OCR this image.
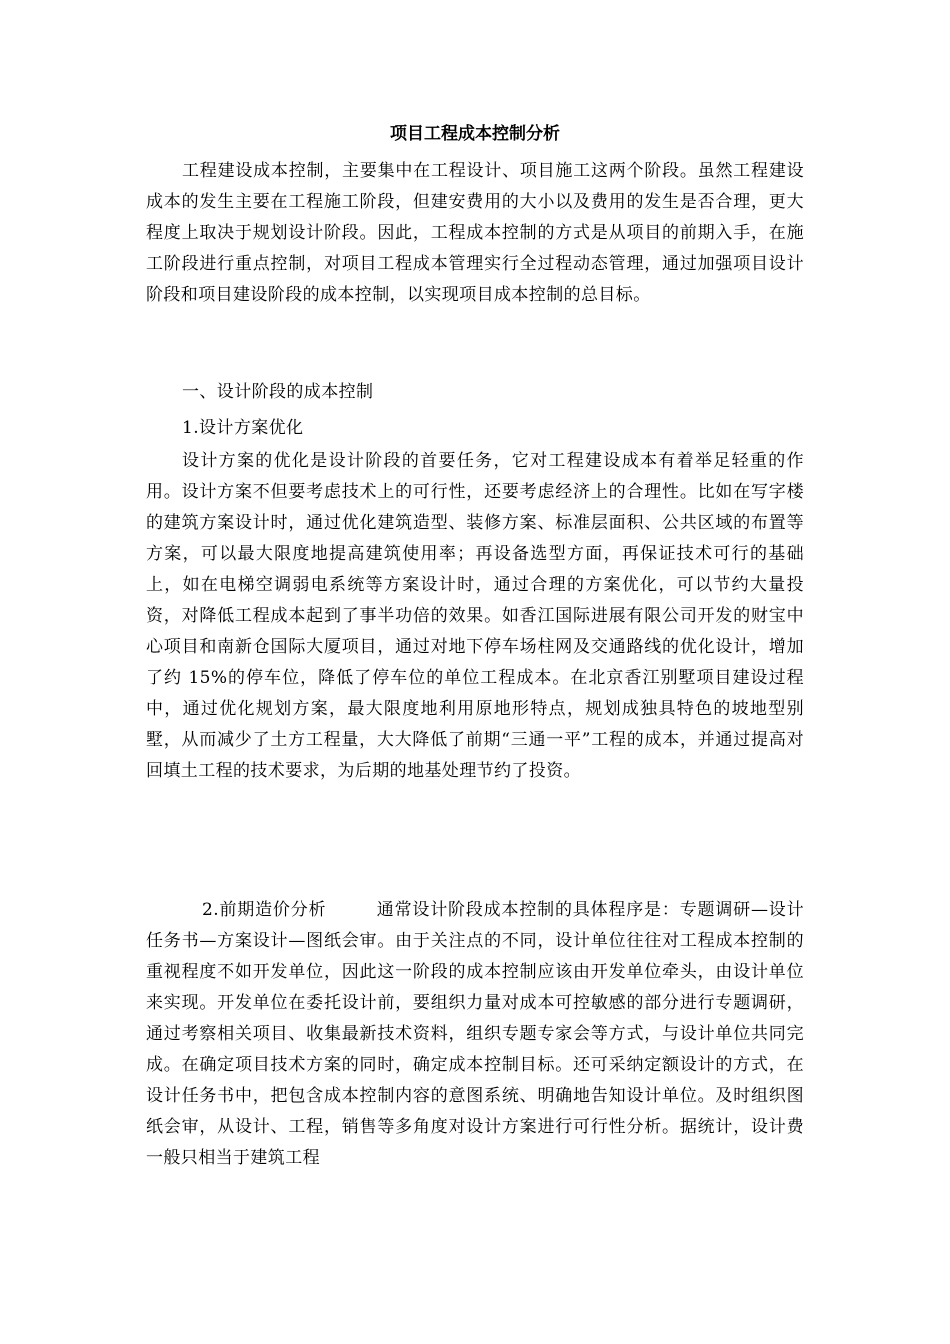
项目工程成本控制分析

工程建设成本控制，主要集中在工程设计、项目施工这两个阶段。虽然工程建设成本的发生主要在工程施工阶段，但建安费用的大小以及费用的发生是否合理，更大程度上取决于规划设计阶段。因此，工程成本控制的方式是从项目的前期入手，在施工阶段进行重点控制，对项目工程成本管理实行全过程动态管理，通过加强项目设计阶段和项目建设阶段的成本控制，以实现项目成本控制的总目标。

一、设计阶段的成本控制

1.设计方案优化

设计方案的优化是设计阶段的首要任务，它对工程建设成本有着举足轻重的作用。设计方案不但要考虑技术上的可行性，还要考虑经济上的合理性。比如在写字楼的建筑方案设计时，通过优化建筑造型、装修方案、标准层面积、公共区域的布置等方案，可以最大限度地提高建筑使用率；再设备选型方面，再保证技术可行的基础上，如在电梯空调弱电系统等方案设计时，通过合理的方案优化，可以节约大量投资，对降低工程成本起到了事半功倍的效果。如香江国际进展有限公司开发的财宝中心项目和南新仓国际大厦项目，通过对地下停车场柱网及交通路线的优化设计，增加了约 15%的停车位，降低了停车位的单位工程成本。在北京香江别墅项目建设过程中，通过优化规划方案，最大限度地利用原地形特点，规划成独具特色的坡地型别墅，从而减少了土方工程量，大大降低了前期“三通一平”工程的成本，并通过提高对回填土工程的技术要求，为后期的地基处理节约了投资。

2.前期造价分析	通常设计阶段成本控制的具体程序是：专题调研—设计任务书—方案设计—图纸会审。由于关注点的不同，设计单位往往对工程成本控制的重视程度不如开发单位，因此这一阶段的成本控制应该由开发单位牵头，由设计单位来实现。开发单位在委托设计前，要组织力量对成本可控敏感的部分进行专题调研，通过考察相关项目、收集最新技术资料，组织专题专家会等方式，与设计单位共同完成。在确定项目技术方案的同时，确定成本控制目标。还可采纳定额设计的方式，在设计任务书中，把包含成本控制内容的意图系统、明确地告知设计单位。及时组织图纸会审，从设计、工程，销售等多角度对设计方案进行可行性分析。据统计，设计费一般只相当于建筑工程
